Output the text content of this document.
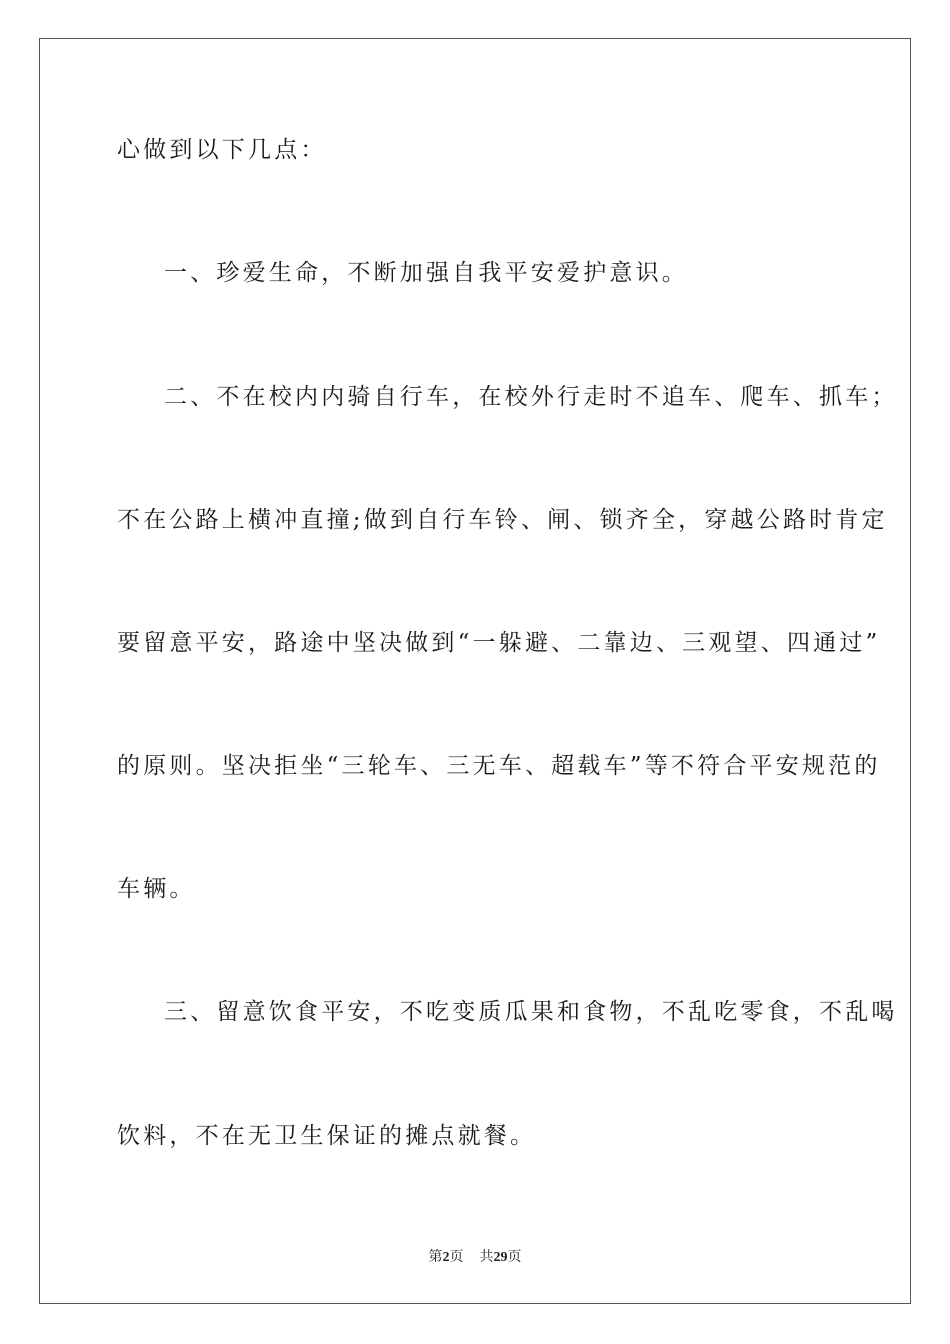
心做到以下几点：
一、珍爱生命，不断加强自我平安爱护意识。
二、不在校内内骑自行车，在校外行走时不追车、爬车、抓车；
不在公路上横冲直撞;做到自行车铃、闸、锁齐全，穿越公路时肯定
要留意平安，路途中坚决做到“一躲避、二靠边、三观望、四通过”
的原则。坚决拒坐“三轮车、三无车、超载车”等不符合平安规范的
车辆。
三、留意饮食平安，不吃变质瓜果和食物，不乱吃零食，不乱喝
饮料，不在无卫生保证的摊点就餐。
第2页 共29页
